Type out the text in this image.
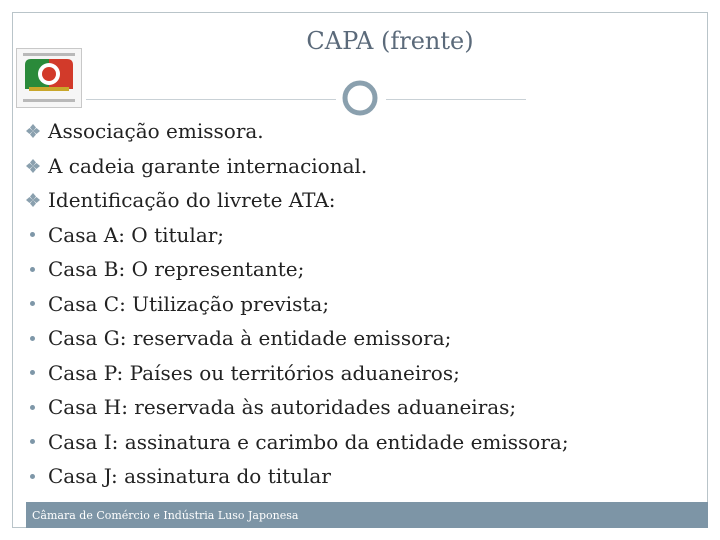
CAPA (frente)
Associação emissora.
A cadeia garante internacional.
Identificação do livrete ATA:
Casa A: O titular;
Casa B: O representante;
Casa C: Utilização prevista;
Casa G: reservada à entidade emissora;
Casa P: Países ou territórios aduaneiros;
Casa H: reservada às autoridades aduaneiras;
Casa I: assinatura e carimbo da entidade emissora;
Casa J: assinatura do titular
Câmara de Comércio e Indústria Luso Japonesa
